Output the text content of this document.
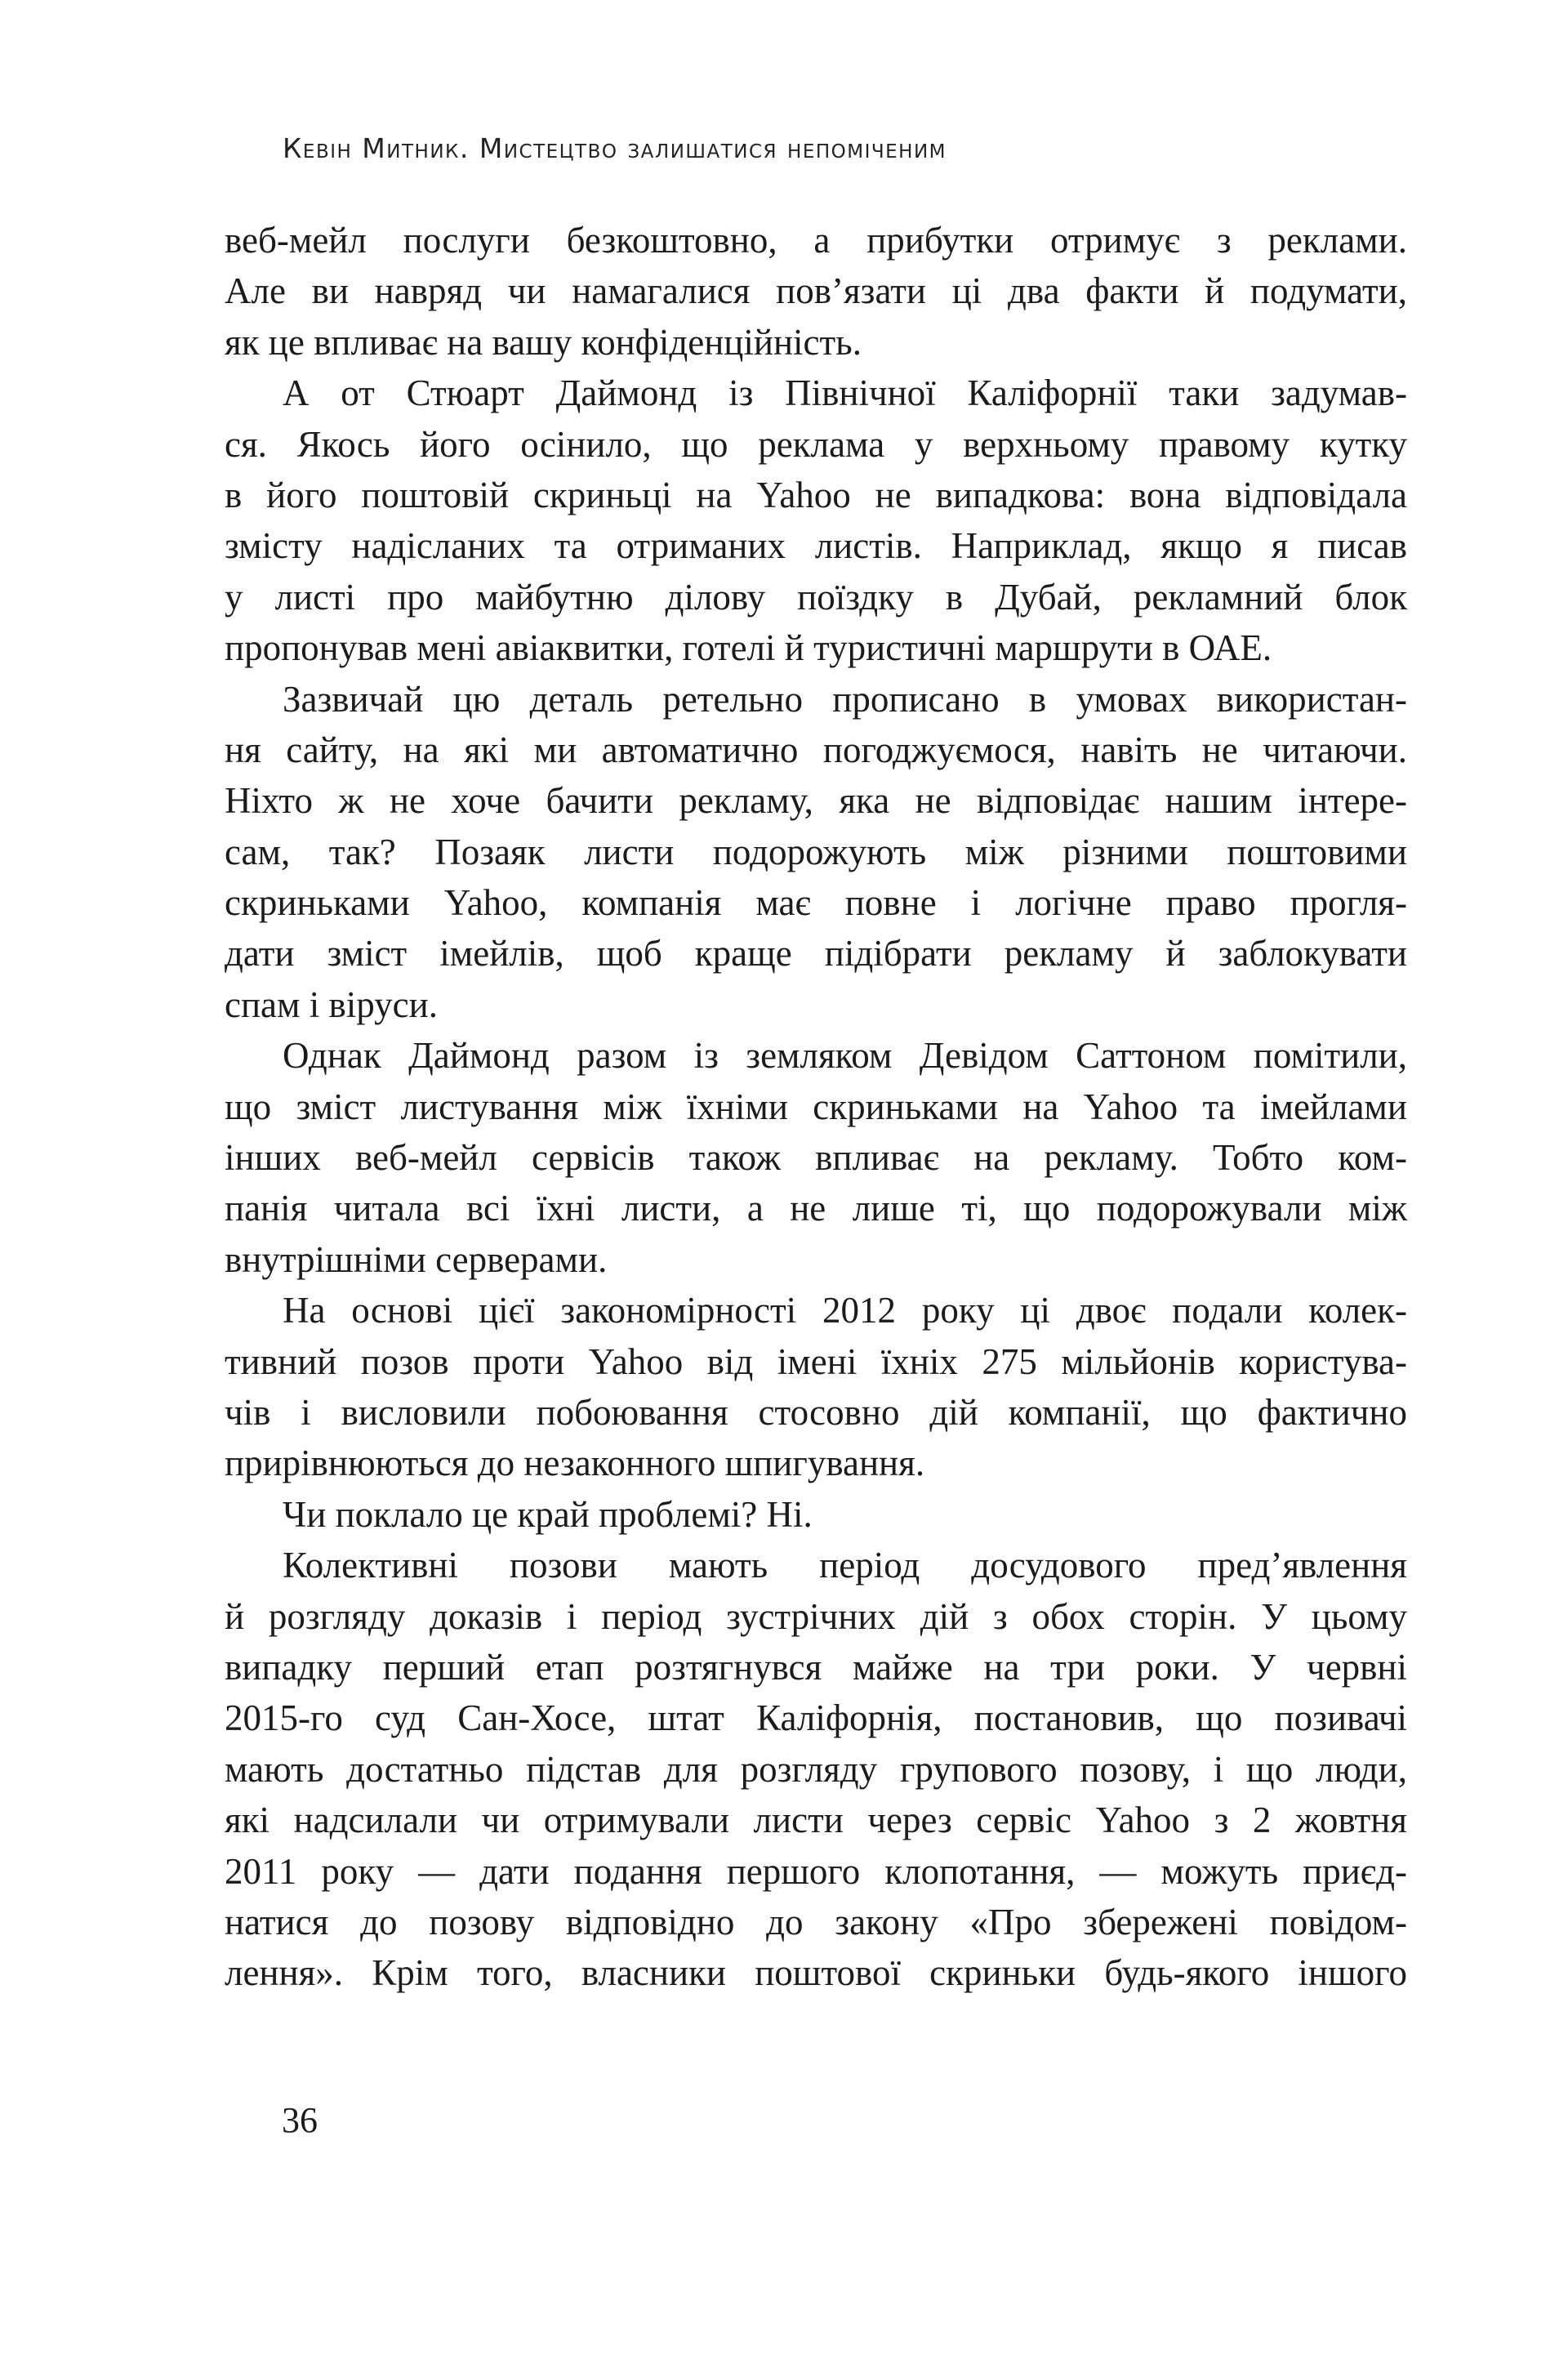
Кевін Митник. Мистецтво залишатися непоміченим
веб-мейл послуги безкоштовно, а прибутки отримує з реклами.
Але ви навряд чи намагалися пов’язати ці два факти й подумати,
як це впливає на вашу конфіденційність.
А от Стюарт Даймонд із Північної Каліфорнії таки задумав-
ся. Якось його осінило, що реклама у верхньому правому кутку
в його поштовій скриньці на Yahoo не випадкова: вона відповідала
змісту надісланих та отриманих листів. Наприклад, якщо я писав
у листі про майбутню ділову поїздку в Дубай, рекламний блок
пропонував мені авіаквитки, готелі й туристичні маршрути в ОАЕ.
Зазвичай цю деталь ретельно прописано в умовах використан-
ня сайту, на які ми автоматично погоджуємося, навіть не читаючи.
Ніхто ж не хоче бачити рекламу, яка не відповідає нашим інтере-
сам, так? Позаяк листи подорожують між різними поштовими
скриньками Yahoo, компанія має повне і логічне право прогля-
дати зміст імейлів, щоб краще підібрати рекламу й заблокувати
спам і віруси.
Однак Даймонд разом із земляком Девідом Саттоном помітили,
що зміст листування між їхніми скриньками на Yahoo та імейлами
інших веб-мейл сервісів також впливає на рекламу. Тобто ком-
панія читала всі їхні листи, а не лише ті, що подорожували між
внутрішніми серверами.
На основі цієї закономірності 2012 року ці двоє подали колек-
тивний позов проти Yahoo від імені їхніх 275 мільйонів користува-
чів і висловили побоювання стосовно дій компанії, що фактично
прирівнюються до незаконного шпигування.
Чи поклало це край проблемі? Ні.
Колективні позови мають період досудового пред’явлення
й розгляду доказів і період зустрічних дій з обох сторін. У цьому
випадку перший етап розтягнувся майже на три роки. У червні
2015-го суд Сан-Хосе, штат Каліфорнія, постановив, що позивачі
мають достатньо підстав для розгляду групового позову, і що люди,
які надсилали чи отримували листи через сервіс Yahoo з 2 жовтня
2011 року — дати подання першого клопотання, — можуть приєд-
натися до позову відповідно до закону «Про збережені повідом-
лення». Крім того, власники поштової скриньки будь-якого іншого
36
